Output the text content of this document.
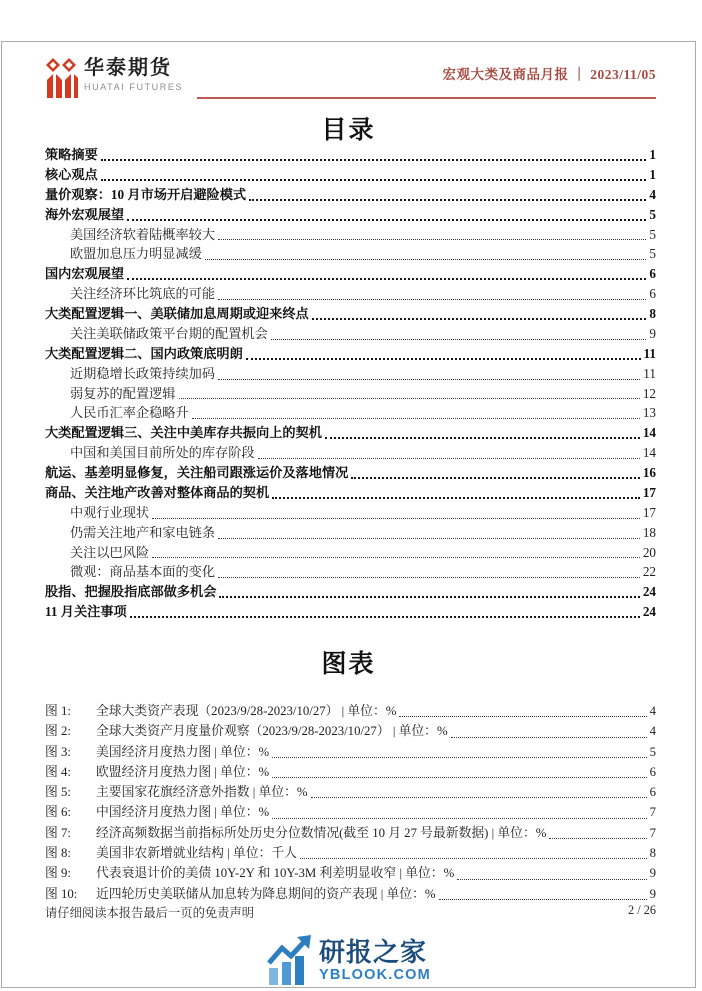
华泰期货
HUATAI FUTURES
宏观大类及商品月报 ｜ 2023/11/05
目录
策略摘要	1
核心观点	1
量价观察：10 月市场开启避险模式	4
海外宏观展望	5
美国经济软着陆概率较大	5
欧盟加息压力明显减缓	5
国内宏观展望	6
关注经济环比筑底的可能	6
大类配置逻辑一、美联储加息周期或迎来终点	8
关注美联储政策平台期的配置机会	9
大类配置逻辑二、国内政策底明朗	11
近期稳增长政策持续加码	11
弱复苏的配置逻辑	12
人民币汇率企稳略升	13
大类配置逻辑三、关注中美库存共振向上的契机	14
中国和美国目前所处的库存阶段	14
航运、基差明显修复，关注船司跟涨运价及落地情况	16
商品、关注地产改善对整体商品的契机	17
中观行业现状	17
仍需关注地产和家电链条	18
关注以巴风险	20
微观：商品基本面的变化	22
股指、把握股指底部做多机会	24
11 月关注事项	24
图表
图 1:	全球大类资产表现（2023/9/28-2023/10/27） | 单位：%	4
图 2:	全球大类资产月度量价观察（2023/9/28-2023/10/27） | 单位：%	4
图 3:	美国经济月度热力图 | 单位：%	5
图 4:	欧盟经济月度热力图 | 单位：%	6
图 5:	主要国家花旗经济意外指数 | 单位：%	6
图 6:	中国经济月度热力图 | 单位：%	7
图 7:	经济高频数据当前指标所处历史分位数情况(截至 10 月 27 号最新数据) | 单位：%	7
图 8:	美国非农新增就业结构 | 单位：千人	8
图 9:	代表衰退计价的美债 10Y-2Y 和 10Y-3M 利差明显收窄 | 单位：%	9
图 10:	近四轮历史美联储从加息转为降息期间的资产表现 | 单位：%	9
请仔细阅读本报告最后一页的免责声明	2 / 26
研报之家
YBLOOK.COM
